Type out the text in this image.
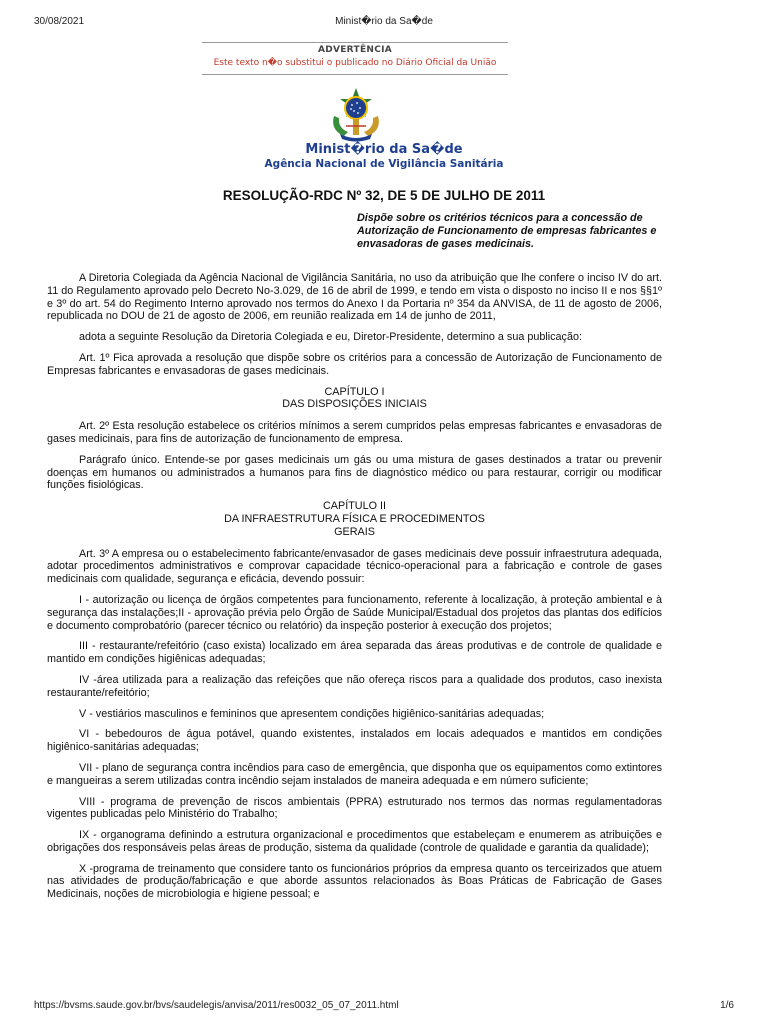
30/08/2021	Minist�rio da Sa�de
ADVERTÊNCIA
Este texto n�o substitui o publicado no Diário Oficial da União
Minist�rio da Sa�de
Agência Nacional de Vigilância Sanitária
RESOLUÇÃO-RDC Nº 32, DE 5 DE JULHO DE 2011
Dispõe sobre os critérios técnicos para a concessão de Autorização de Funcionamento de empresas fabricantes e envasadoras de gases medicinais.

A Diretoria Colegiada da Agência Nacional de Vigilância Sanitária, no uso da atribuição que lhe confere o inciso IV do art. 11 do Regulamento aprovado pelo Decreto No-3.029, de 16 de abril de 1999, e tendo em vista o disposto no inciso II e nos §§1º e 3º do art. 54 do Regimento Interno aprovado nos termos do Anexo I da Portaria nº 354 da ANVISA, de 11 de agosto de 2006, republicada no DOU de 21 de agosto de 2006, em reunião realizada em 14 de junho de 2011,

adota a seguinte Resolução da Diretoria Colegiada e eu, Diretor-Presidente, determino a sua publicação:

Art. 1º Fica aprovada a resolução que dispõe sobre os critérios para a concessão de Autorização de Funcionamento de Empresas fabricantes e envasadoras de gases medicinais.

CAPÍTULO I
DAS DISPOSIÇÕES INICIAIS

Art. 2º Esta resolução estabelece os critérios mínimos a serem cumpridos pelas empresas fabricantes e envasadoras de gases medicinais, para fins de autorização de funcionamento de empresa.

Parágrafo único. Entende-se por gases medicinais um gás ou uma mistura de gases destinados a tratar ou prevenir doenças em humanos ou administrados a humanos para fins de diagnóstico médico ou para restaurar, corrigir ou modificar funções fisiológicas.

CAPÍTULO II
DA INFRAESTRUTURA FÍSICA E PROCEDIMENTOS
GERAIS

Art. 3º A empresa ou o estabelecimento fabricante/envasador de gases medicinais deve possuir infraestrutura adequada, adotar procedimentos administrativos e comprovar capacidade técnico-operacional para a fabricação e controle de gases medicinais com qualidade, segurança e eficácia, devendo possuir:

I - autorização ou licença de órgãos competentes para funcionamento, referente à localização, à proteção ambiental e à segurança das instalações;II - aprovação prévia pelo Órgão de Saúde Municipal/Estadual dos projetos das plantas dos edifícios e documento comprobatório (parecer técnico ou relatório) da inspeção posterior à execução dos projetos;

III - restaurante/refeitório (caso exista) localizado em área separada das áreas produtivas e de controle de qualidade e mantido em condições higiênicas adequadas;

IV -área utilizada para a realização das refeições que não ofereça riscos para a qualidade dos produtos, caso inexista restaurante/refeitório;

V - vestiários masculinos e femininos que apresentem condições higiênico-sanitárias adequadas;

VI - bebedouros de água potável, quando existentes, instalados em locais adequados e mantidos em condições higiênico-sanitárias adequadas;

VII - plano de segurança contra incêndios para caso de emergência, que disponha que os equipamentos como extintores e mangueiras a serem utilizadas contra incêndio sejam instalados de maneira adequada e em número suficiente;

VIII - programa de prevenção de riscos ambientais (PPRA) estruturado nos termos das normas regulamentadoras vigentes publicadas pelo Ministério do Trabalho;

IX - organograma definindo a estrutura organizacional e procedimentos que estabeleçam e enumerem as atribuições e obrigações dos responsáveis pelas áreas de produção, sistema da qualidade (controle de qualidade e garantia da qualidade);

X -programa de treinamento que considere tanto os funcionários próprios da empresa quanto os terceirizados que atuem nas atividades de produção/fabricação e que aborde assuntos relacionados às Boas Práticas de Fabricação de Gases Medicinais, noções de microbiologia e higiene pessoal; e

https://bvsms.saude.gov.br/bvs/saudelegis/anvisa/2011/res0032_05_07_2011.html	1/6
